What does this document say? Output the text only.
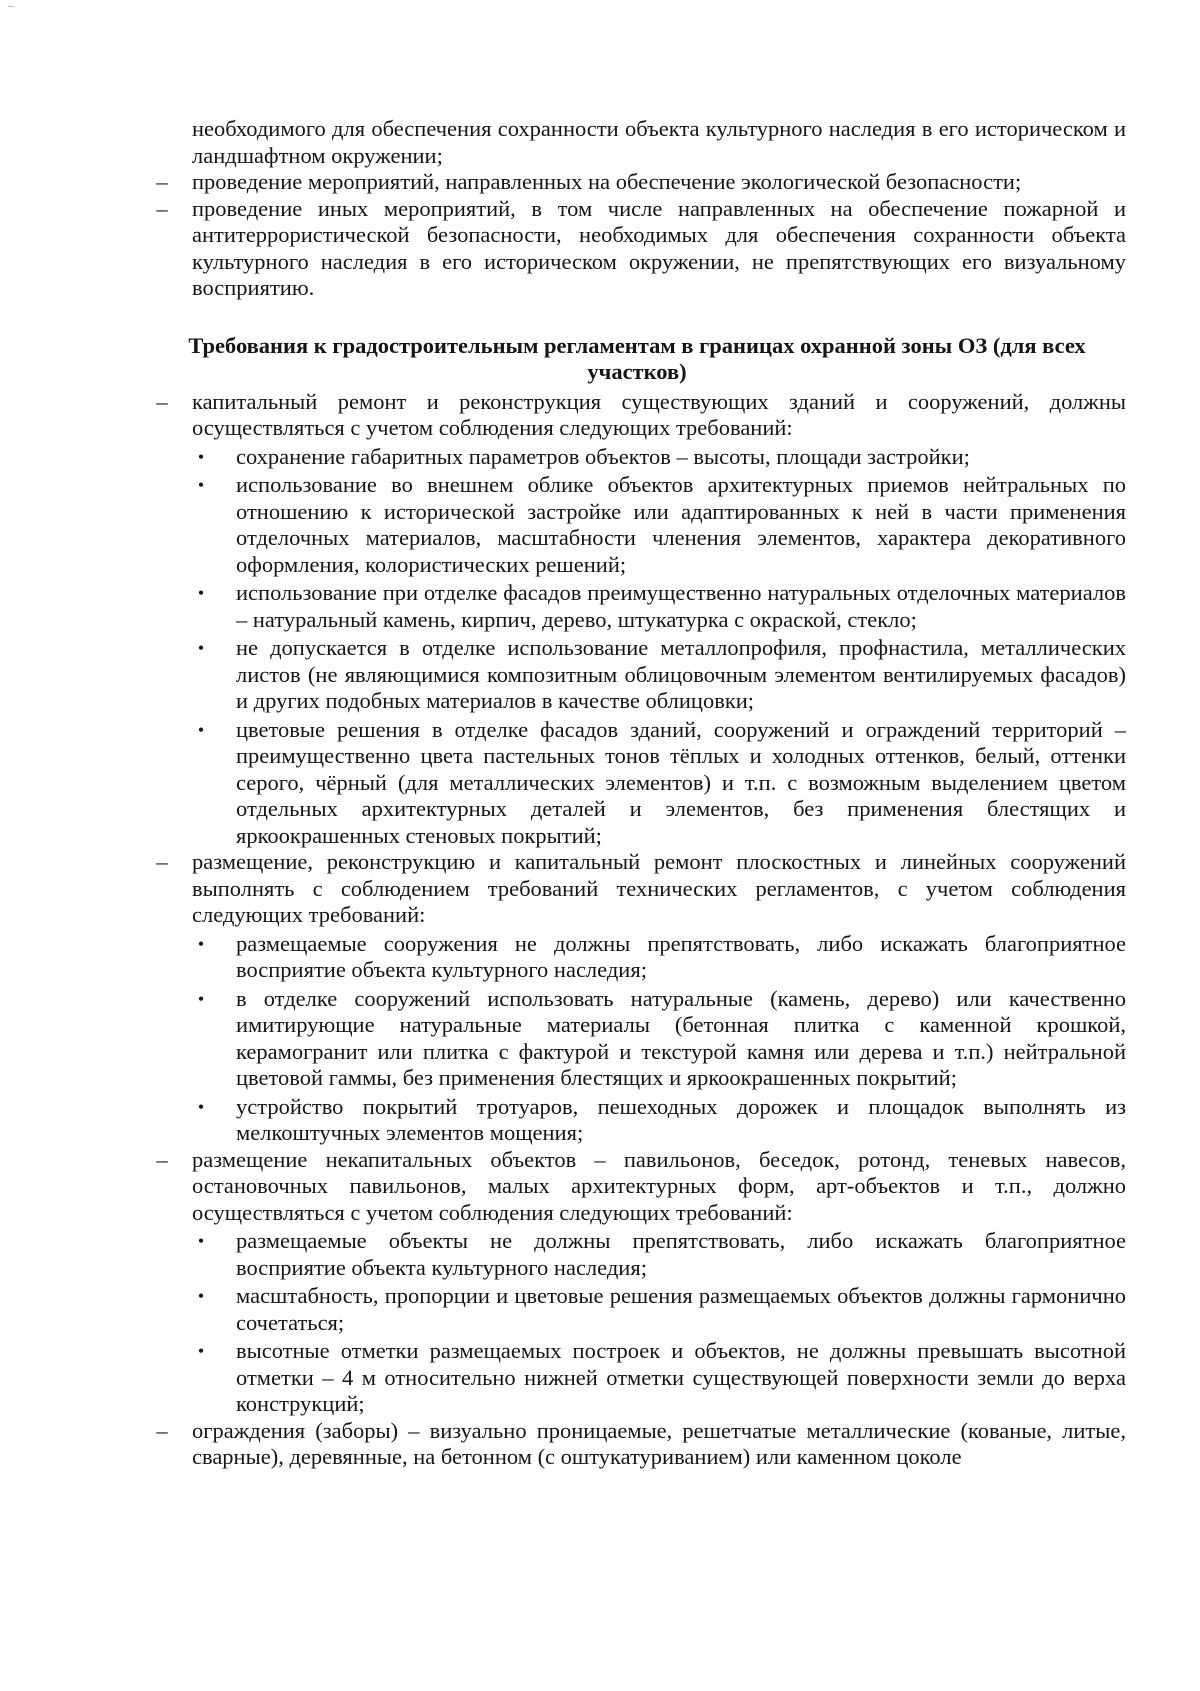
необходимого для обеспечения сохранности объекта культурного наследия в его историческом и ландшафтном окружении;

–	проведение мероприятий, направленных на обеспечение экологической безопасности;

–	проведение иных мероприятий, в том числе направленных на обеспечение пожарной и антитеррористической безопасности, необходимых для обеспечения сохранности объекта культурного наследия в его историческом окружении, не препятствующих его визуальному восприятию.

Требования к градостроительным регламентам в границах охранной зоны ОЗ (для всех участков)

–	капитальный ремонт и реконструкция существующих зданий и сооружений, должны осуществляться с учетом соблюдения следующих требований:

• сохранение габаритных параметров объектов – высоты, площади застройки;
• использование во внешнем облике объектов архитектурных приемов нейтральных по отношению к исторической застройке или адаптированных к ней в части применения отделочных материалов, масштабности членения элементов, характера декоративного оформления, колористических решений;
• использование при отделке фасадов преимущественно натуральных отделочных материалов – натуральный камень, кирпич, дерево, штукатурка с окраской, стекло;
• не допускается в отделке использование металлопрофиля, профнастила, металлических листов (не являющимися композитным облицовочным элементом вентилируемых фасадов) и других подобных материалов в качестве облицовки;
• цветовые решения в отделке фасадов зданий, сооружений и ограждений территорий – преимущественно цвета пастельных тонов тёплых и холодных оттенков, белый, оттенки серого, чёрный (для металлических элементов) и т.п. с возможным выделением цветом отдельных архитектурных деталей и элементов, без применения блестящих и яркоокрашенных стеновых покрытий;

–	размещение, реконструкцию и капитальный ремонт плоскостных и линейных сооружений выполнять с соблюдением требований технических регламентов, с учетом соблюдения следующих требований:

• размещаемые сооружения не должны препятствовать, либо искажать благоприятное восприятие объекта культурного наследия;
• в отделке сооружений использовать натуральные (камень, дерево) или качественно имитирующие натуральные материалы (бетонная плитка с каменной крошкой, керамогранит или плитка с фактурой и текстурой камня или дерева и т.п.) нейтральной цветовой гаммы, без применения блестящих и яркоокрашенных покрытий;
• устройство покрытий тротуаров, пешеходных дорожек и площадок выполнять из мелкоштучных элементов мощения;

–	размещение некапитальных объектов – павильонов, беседок, ротонд, теневых навесов, остановочных павильонов, малых архитектурных форм, арт-объектов и т.п., должно осуществляться с учетом соблюдения следующих требований:

• размещаемые объекты не должны препятствовать, либо искажать благоприятное восприятие объекта культурного наследия;
• масштабность, пропорции и цветовые решения размещаемых объектов должны гармонично сочетаться;
• высотные отметки размещаемых построек и объектов, не должны превышать высотной отметки – 4 м относительно нижней отметки существующей поверхности земли до верха конструкций;

–	ограждения (заборы) – визуально проницаемые, решетчатые металлические (кованые, литые, сварные), деревянные, на бетонном (с оштукатуриванием) или каменном цоколе
